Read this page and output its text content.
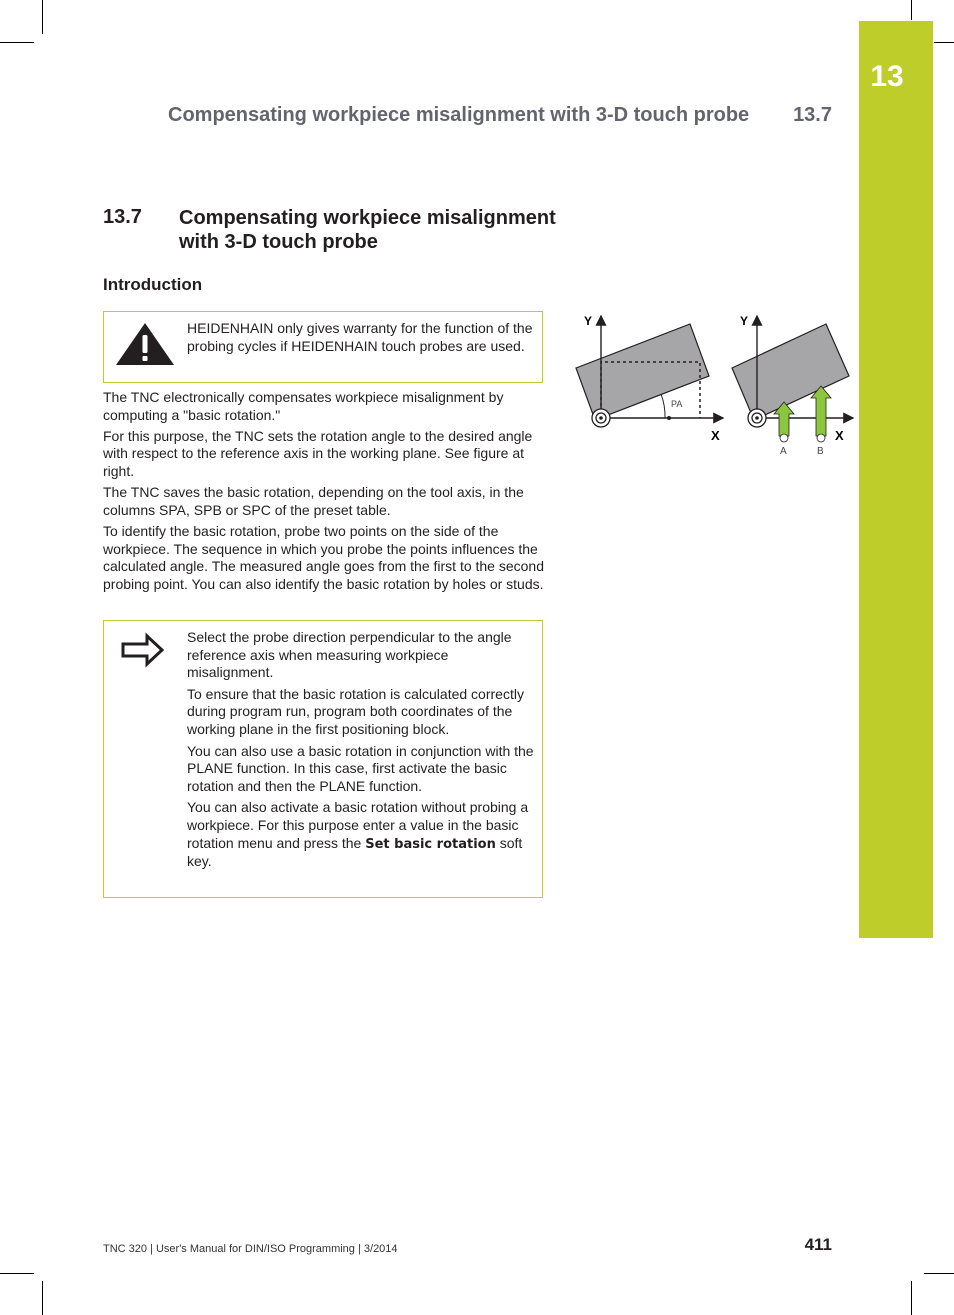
13
Compensating workpiece misalignment with 3-D touch probe 13.7
13.7 Compensating workpiece misalignment with 3-D touch probe
Introduction

HEIDENHAIN only gives warranty for the function of the probing cycles if HEIDENHAIN touch probes are used.

The TNC electronically compensates workpiece misalignment by computing a "basic rotation."

For this purpose, the TNC sets the rotation angle to the desired angle with respect to the reference axis in the working plane. See figure at right.

The TNC saves the basic rotation, depending on the tool axis, in the columns SPA, SPB or SPC of the preset table.

To identify the basic rotation, probe two points on the side of the workpiece. The sequence in which you probe the points influences the calculated angle. The measured angle goes from the first to the second probing point. You can also identify the basic rotation by holes or studs.

Select the probe direction perpendicular to the angle reference axis when measuring workpiece misalignment.

To ensure that the basic rotation is calculated correctly during program run, program both coordinates of the working plane in the first positioning block.

You can also use a basic rotation in conjunction with the PLANE function. In this case, first activate the basic rotation and then the PLANE function.

You can also activate a basic rotation without probing a workpiece. For this purpose enter a value in the basic rotation menu and press the Set basic rotation soft key.

Y
X
PA
Y
X
A	B
TNC 320 | User's Manual for DIN/ISO Programming | 3/2014	411
